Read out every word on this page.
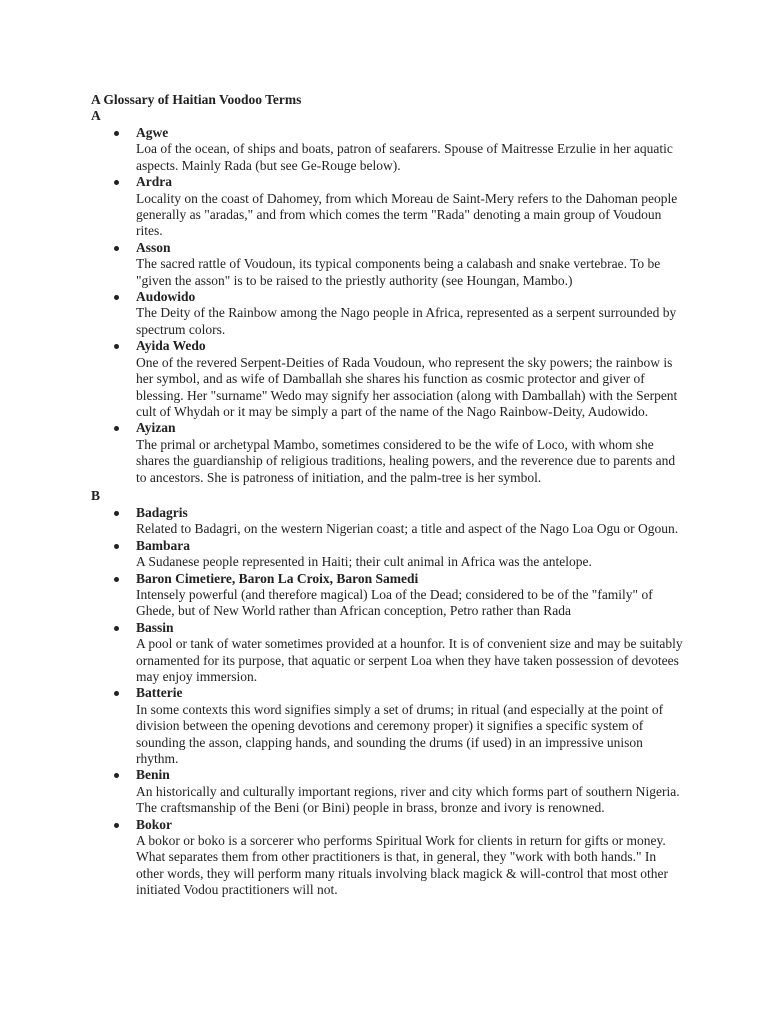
A Glossary of Haitian Voodoo Terms
A
Agwe
Loa of the ocean, of ships and boats, patron of seafarers. Spouse of Maitresse Erzulie in her aquatic aspects. Mainly Rada (but see Ge-Rouge below).
Ardra
Locality on the coast of Dahomey, from which Moreau de Saint-Mery refers to the Dahoman people generally as "aradas," and from which comes the term "Rada" denoting a main group of Voudoun rites.
Asson
The sacred rattle of Voudoun, its typical components being a calabash and snake vertebrae. To be "given the asson" is to be raised to the priestly authority (see Houngan, Mambo.)
Audowido
The Deity of the Rainbow among the Nago people in Africa, represented as a serpent surrounded by spectrum colors.
Ayida Wedo
One of the revered Serpent-Deities of Rada Voudoun, who represent the sky powers; the rainbow is her symbol, and as wife of Damballah she shares his function as cosmic protector and giver of blessing. Her "surname" Wedo may signify her association (along with Damballah) with the Serpent cult of Whydah or it may be simply a part of the name of the Nago Rainbow-Deity, Audowido.
Ayizan
The primal or archetypal Mambo, sometimes considered to be the wife of Loco, with whom she shares the guardianship of religious traditions, healing powers, and the reverence due to parents and to ancestors. She is patroness of initiation, and the palm-tree is her symbol.
B
Badagris
Related to Badagri, on the western Nigerian coast; a title and aspect of the Nago Loa Ogu or Ogoun.
Bambara
A Sudanese people represented in Haiti; their cult animal in Africa was the antelope.
Baron Cimetiere, Baron La Croix, Baron Samedi
Intensely powerful (and therefore magical) Loa of the Dead; considered to be of the "family" of Ghede, but of New World rather than African conception, Petro rather than Rada
Bassin
A pool or tank of water sometimes provided at a hounfor. It is of convenient size and may be suitably ornamented for its purpose, that aquatic or serpent Loa when they have taken possession of devotees may enjoy immersion.
Batterie
In some contexts this word signifies simply a set of drums; in ritual (and especially at the point of division between the opening devotions and ceremony proper) it signifies a specific system of sounding the asson, clapping hands, and sounding the drums (if used) in an impressive unison rhythm.
Benin
An historically and culturally important regions, river and city which forms part of southern Nigeria. The craftsmanship of the Beni (or Bini) people in brass, bronze and ivory is renowned.
Bokor
A bokor or boko is a sorcerer who performs Spiritual Work for clients in return for gifts or money. What separates them from other practitioners is that, in general, they "work with both hands." In other words, they will perform many rituals involving black magick & will-control that most other initiated Vodou practitioners will not.
